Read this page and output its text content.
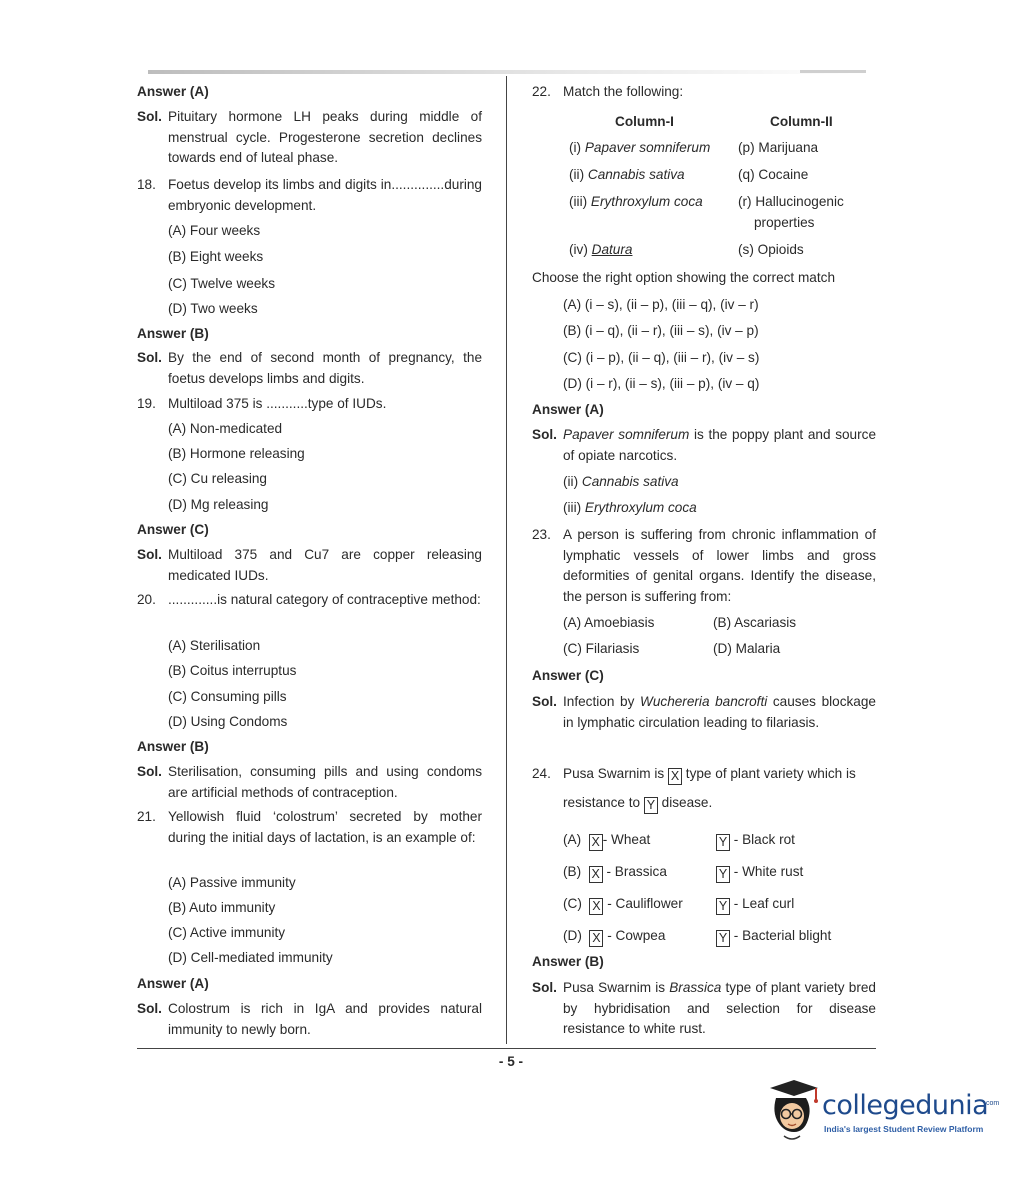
Answer (A)
Sol. Pituitary hormone LH peaks during middle of menstrual cycle. Progesterone secretion declines towards end of luteal phase.
18. Foetus develop its limbs and digits in..............during embryonic development.
(A) Four weeks
(B) Eight weeks
(C) Twelve weeks
(D) Two weeks
Answer (B)
Sol. By the end of second month of pregnancy, the foetus develops limbs and digits.
19. Multiload 375 is ...........type of IUDs.
(A) Non-medicated
(B) Hormone releasing
(C) Cu releasing
(D) Mg releasing
Answer (C)
Sol. Multiload 375 and Cu7 are copper releasing medicated IUDs.
20. .............is natural category of contraceptive method:
(A) Sterilisation
(B) Coitus interruptus
(C) Consuming pills
(D) Using Condoms
Answer (B)
Sol. Sterilisation, consuming pills and using condoms are artificial methods of contraception.
21. Yellowish fluid ‘colostrum’ secreted by mother during the initial days of lactation, is an example of:
(A) Passive immunity
(B) Auto immunity
(C) Active immunity
(D) Cell-mediated immunity
Answer (A)
Sol. Colostrum is rich in IgA and provides natural immunity to newly born.
22. Match the following:
Column-I	Column-II
(i) Papaver somniferum (p) Marijuana
(ii) Cannabis sativa	(q) Cocaine
(iii) Erythroxylum coca	(r) Hallucinogenic
properties
(iv) Datura	(s) Opioids
Choose the right option showing the correct match
(A) (i – s), (ii – p), (iii – q), (iv – r)
(B) (i – q), (ii – r), (iii – s), (iv – p)
(C) (i – p), (ii – q), (iii – r), (iv – s)
(D) (i – r), (ii – s), (iii – p), (iv – q)
Answer (A)
Sol. Papaver somniferum is the poppy plant and source of opiate narcotics.
(ii) Cannabis sativa
(iii) Erythroxylum coca
23. A person is suffering from chronic inflammation of lymphatic vessels of lower limbs and gross deformities of genital organs. Identify the disease, the person is suffering from:
(A) Amoebiasis	(B) Ascariasis
(C) Filariasis	(D) Malaria
Answer (C)
Sol. Infection by Wuchereria bancrofti causes blockage in lymphatic circulation leading to filariasis.
24. Pusa Swarnim is X type of plant variety which is
resistance to Y disease.
(A) X - Wheat	Y - Black rot
(B) X - Brassica	Y - White rust
(C) X - Cauliflower	Y - Leaf curl
(D) X - Cowpea	Y - Bacterial blight
Answer (B)
Sol. Pusa Swarnim is Brassica type of plant variety bred by hybridisation and selection for disease resistance to white rust.
- 5 -
collegedunia
.com
India's largest Student Review Platform
